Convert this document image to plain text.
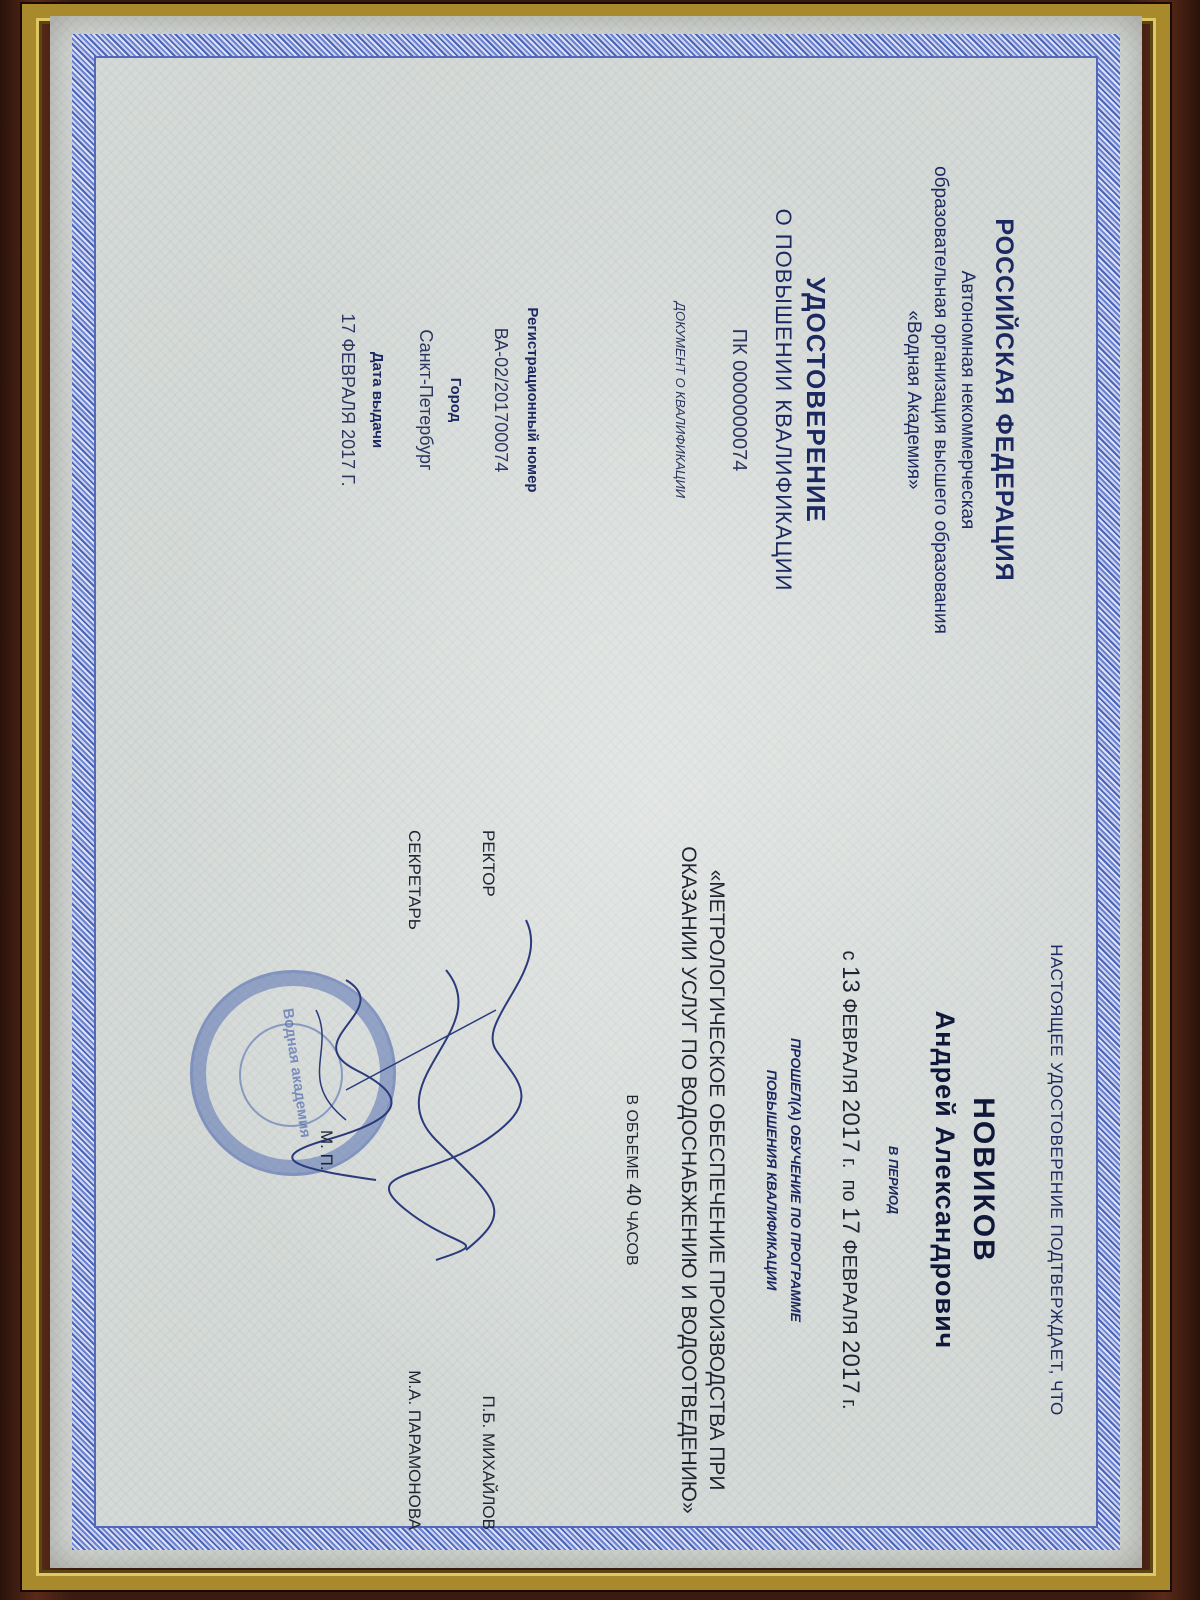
РОССИЙСКАЯ ФЕДЕРАЦИЯ

Автономная некоммерческая

образовательная организация высшего образования

«Водная Академия»

УДОСТОВЕРЕНИЕ

О ПОВЫШЕНИИ КВАЛИФИКАЦИИ

ПК 0000000074

ДОКУМЕНТ О КВАЛИФИКАЦИИ

Регистрационный номер

ВА-02/201700074

Город

Санкт-Петербург

Дата выдачи

17 ФЕВРАЛЯ 2017 Г.

НАСТОЯЩЕЕ УДОСТОВЕРЕНИЕ ПОДТВЕРЖДАЕТ, ЧТО

НОВИКОВ

Андрей Александрович

В ПЕРИОД

с 13 ФЕВРАЛЯ 2017 г.  по 17 ФЕВРАЛЯ 2017 г.

ПРОШЕЛ(А) ОБУЧЕНИЕ ПО ПРОГРАММЕ

ПОВЫШЕНИЯ КВАЛИФИКАЦИИ

«МЕТРОЛОГИЧЕСКОЕ ОБЕСПЕЧЕНИЕ ПРОИЗВОДСТВА ПРИ

ОКАЗАНИИ УСЛУГ ПО ВОДОСНАБЖЕНИЮ И ВОДООТВЕДЕНИЮ»

В ОБЪЕМЕ 40 ЧАСОВ

Водная академия
РЕКТОР
П.Б. МИХАЙЛОВ
СЕКРЕТАРЬ
М.А. ПАРАМОНОВА
М. П.
